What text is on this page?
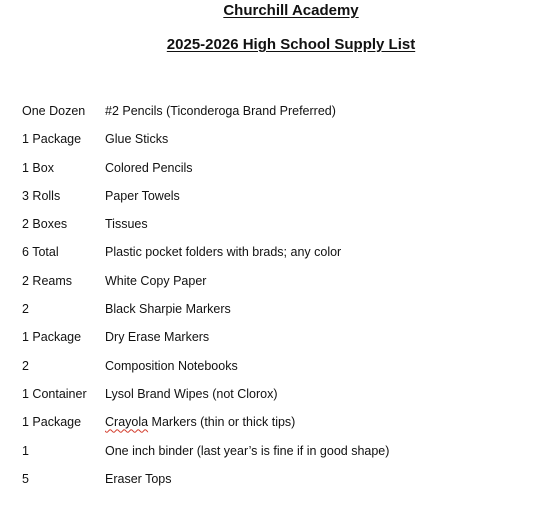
Churchill Academy
2025-2026 High School Supply List
One Dozen #2 Pencils (Ticonderoga Brand Preferred)
1 Package Glue Sticks
1 Box	Colored Pencils
3 Rolls	Paper Towels
2 Boxes	Tissues
6 Total	Plastic pocket folders with brads; any color
2 Reams	White Copy Paper
2	Black Sharpie Markers
1 Package Dry Erase Markers
2	Composition Notebooks
1 Container Lysol Brand Wipes (not Clorox)
1 Package Crayola Markers (thin or thick tips)
1	One inch binder (last year’s is fine if in good shape)
5	Eraser Tops
